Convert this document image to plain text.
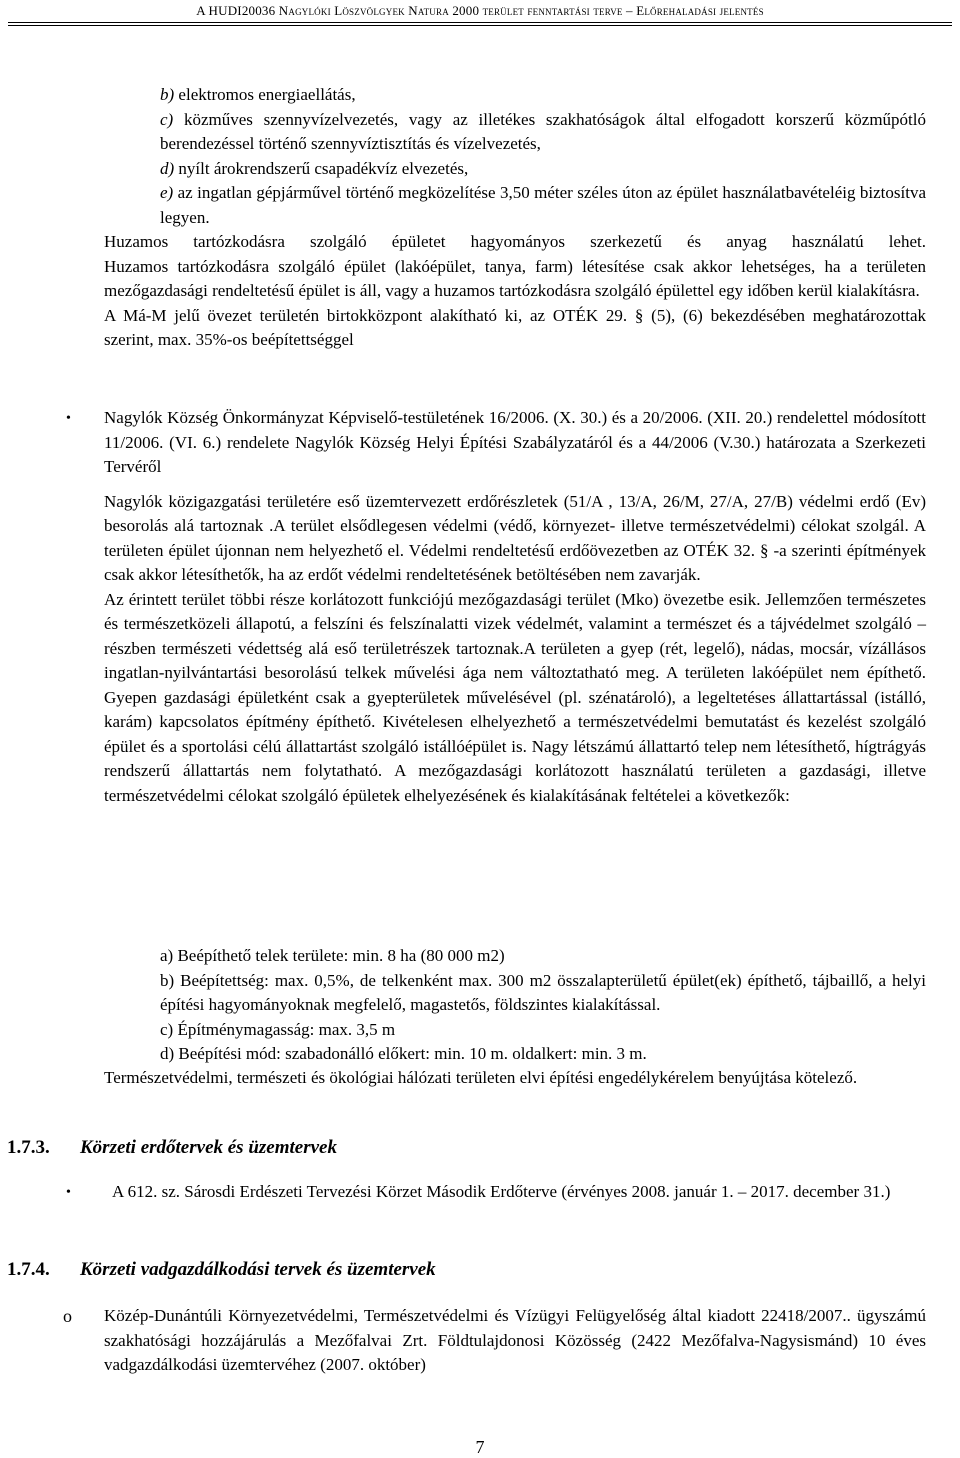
A HUDI20036 Nagylóki Löszvölgyek Natura 2000 terület fenntartási terve – Előrehaladási jelentés

b) elektromos energiaellátás,

c) közműves szennyvízelvezetés, vagy az illetékes szakhatóságok által elfogadott korszerű közműpótló berendezéssel történő szennyvíztisztítás és vízelvezetés,

d) nyílt árokrendszerű csapadékvíz elvezetés,

e) az ingatlan gépjárművel történő megközelítése 3,50 méter széles úton az épület használatbavételéig biztosítva legyen.

Huzamos tartózkodásra szolgáló épületet hagyományos szerkezetű és anyag használatú lehet.

Huzamos tartózkodásra szolgáló épület (lakóépület, tanya, farm) létesítése csak akkor lehetséges, ha a területen mezőgazdasági rendeltetésű épület is áll, vagy a huzamos tartózkodásra szolgáló épülettel egy időben kerül kialakításra.

A Má-M jelű övezet területén birtokközpont alakítható ki, az OTÉK 29. § (5), (6) bekezdésében meghatározottak szerint, max. 35%-os beépítettséggel

• Nagylók Község Önkormányzat Képviselő-testületének 16/2006. (X. 30.) és a 20/2006. (XII. 20.) rendelettel módosított 11/2006. (VI. 6.) rendelete Nagylók Község Helyi Építési Szabályzatáról és a 44/2006 (V.30.) határozata a Szerkezeti Tervéről

Nagylók közigazgatási területére eső üzemtervezett erdőrészletek (51/A , 13/A, 26/M, 27/A, 27/B) védelmi erdő (Ev) besorolás alá tartoznak .A terület elsődlegesen védelmi (védő, környezet- illetve természetvédelmi) célokat szolgál. A területen épület újonnan nem helyezhető el. Védelmi rendeltetésű erdőövezetben az OTÉK 32. § -a szerinti építmények csak akkor létesíthetők, ha az erdőt védelmi rendeltetésének betöltésében nem zavarják.

Az érintett terület többi része korlátozott funkciójú mezőgazdasági terület (Mko) övezetbe esik. Jellemzően természetes és természetközeli állapotú, a felszíni és felszínalatti vizek védelmét, valamint a természet és a tájvédelmet szolgáló – részben természeti védettség alá eső területrészek tartoznak.A területen a gyep (rét, legelő), nádas, mocsár, vízállásos ingatlan-nyilvántartási besorolású telkek művelési ága nem változtatható meg. A területen lakóépület nem építhető. Gyepen gazdasági épületként csak a gyepterületek művelésével (pl. szénatároló), a legeltetéses állattartással (istálló, karám) kapcsolatos építmény építhető. Kivételesen elhelyezhető a természetvédelmi bemutatást és kezelést szolgáló épület és a sportolási célú állattartást szolgáló istállóépület is. Nagy létszámú állattartó telep nem létesíthető, hígtrágyás rendszerű állattartás nem folytatható. A mezőgazdasági korlátozott használatú területen a gazdasági, illetve természetvédelmi célokat szolgáló épületek elhelyezésének és kialakításának feltételei a következők:

a) Beépíthető telek területe: min. 8 ha (80 000 m2)

b) Beépítettség: max. 0,5%, de telkenként max. 300 m2 összalapterületű épület(ek) építhető, tájbaillő, a helyi építési hagyományoknak megfelelő, magastetős, földszintes kialakítással.

c) Építménymagasság: max. 3,5 m

d) Beépítési mód: szabadonálló előkert: min. 10 m. oldalkert: min. 3 m.

Természetvédelmi, természeti és ökológiai hálózati területen elvi építési engedélykérelem benyújtása kötelező.

1.7.3. Körzeti erdőtervek és üzemtervek
• A 612. sz. Sárosdi Erdészeti Tervezési Körzet Második Erdőterve (érvényes 2008. január 1. – 2017. december 31.)

1.7.4. Körzeti vadgazdálkodási tervek és üzemtervek
o Közép-Dunántúli Környezetvédelmi, Természetvédelmi és Vízügyi Felügyelőség által kiadott 22418/2007.. ügyszámú szakhatósági hozzájárulás a Mezőfalvai Zrt. Földtulajdonosi Közösség (2422 Mezőfalva-Nagysismánd) 10 éves vadgazdálkodási üzemtervéhez (2007. október)

7
